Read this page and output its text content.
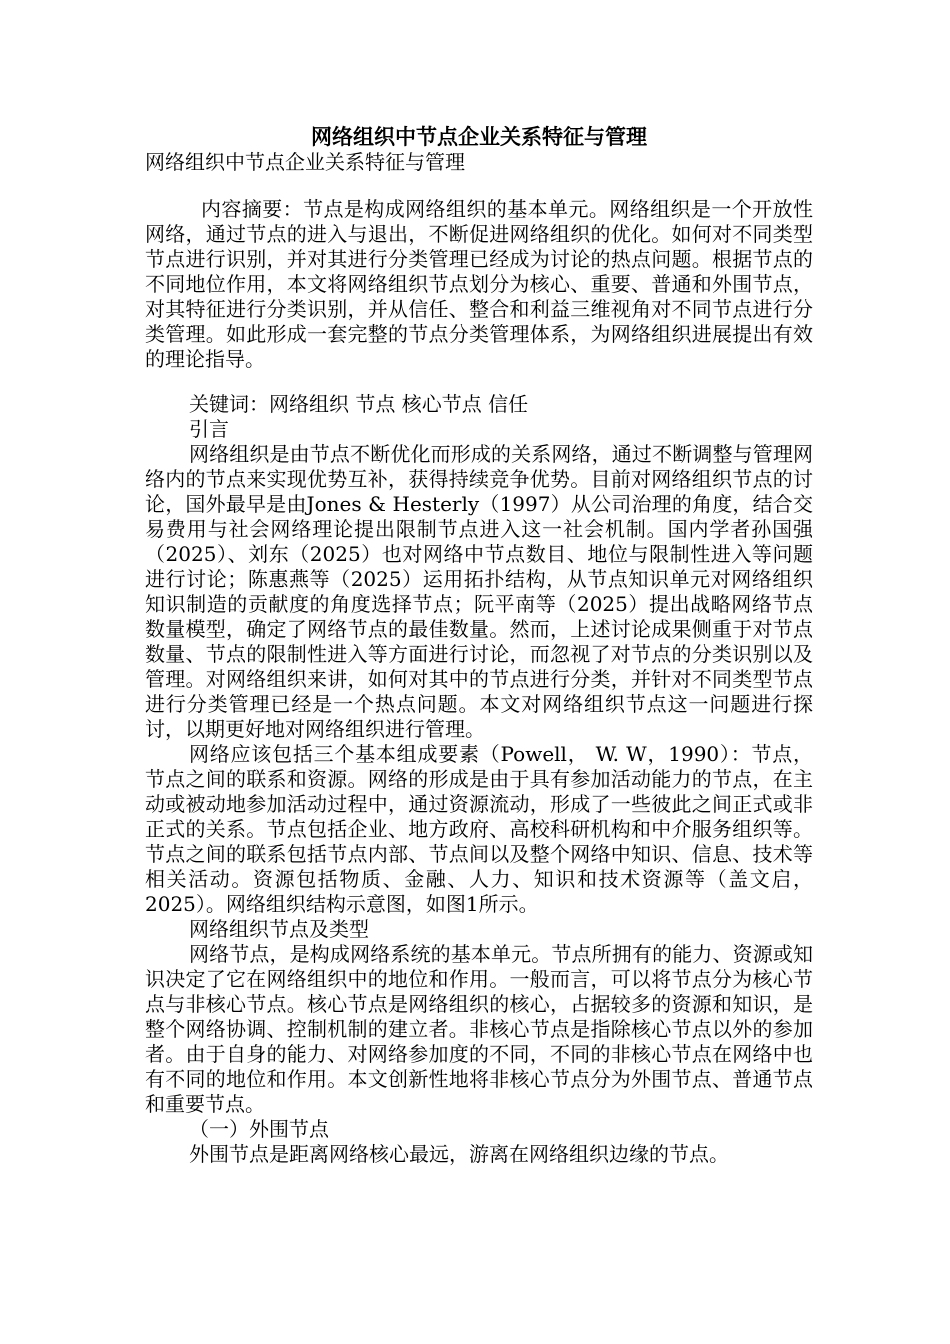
网络组织中节点企业关系特征与管理

网络组织中节点企业关系特征与管理

内容摘要：节点是构成网络组织的基本单元。网络组织是一个开放性网络，通过节点的进入与退出，不断促进网络组织的优化。如何对不同类型节点进行识别，并对其进行分类管理已经成为讨论的热点问题。根据节点的不同地位作用，本文将网络组织节点划分为核心、重要、普通和外围节点，对其特征进行分类识别，并从信任、整合和利益三维视角对不同节点进行分类管理。如此形成一套完整的节点分类管理体系，为网络组织进展提出有效的理论指导。

关键词：网络组织 节点 核心节点 信任

引言

网络组织是由节点不断优化而形成的关系网络，通过不断调整与管理网络内的节点来实现优势互补，获得持续竞争优势。目前对网络组织节点的讨论，国外最早是由Jones & Hesterly（1997）从公司治理的角度，结合交易费用与社会网络理论提出限制节点进入这一社会机制。国内学者孙国强（2025）、刘东（2025）也对网络中节点数目、地位与限制性进入等问题进行讨论；陈惠燕等（2025）运用拓扑结构，从节点知识单元对网络组织知识制造的贡献度的角度选择节点；阮平南等（2025）提出战略网络节点数量模型，确定了网络节点的最佳数量。然而，上述讨论成果侧重于对节点数量、节点的限制性进入等方面进行讨论，而忽视了对节点的分类识别以及管理。对网络组织来讲，如何对其中的节点进行分类，并针对不同类型节点进行分类管理已经是一个热点问题。本文对网络组织节点这一问题进行探讨，以期更好地对网络组织进行管理。

网络应该包括三个基本组成要素（Powell， W. W，1990）：节点，节点之间的联系和资源。网络的形成是由于具有参加活动能力的节点，在主动或被动地参加活动过程中，通过资源流动，形成了一些彼此之间正式或非正式的关系。节点包括企业、地方政府、高校科研机构和中介服务组织等。节点之间的联系包括节点内部、节点间以及整个网络中知识、信息、技术等相关活动。资源包括物质、金融、人力、知识和技术资源等（盖文启，2025）。网络组织结构示意图，如图1所示。

网络组织节点及类型

网络节点，是构成网络系统的基本单元。节点所拥有的能力、资源或知识决定了它在网络组织中的地位和作用。一般而言，可以将节点分为核心节点与非核心节点。核心节点是网络组织的核心，占据较多的资源和知识，是整个网络协调、控制机制的建立者。非核心节点是指除核心节点以外的参加者。由于自身的能力、对网络参加度的不同，不同的非核心节点在网络中也有不同的地位和作用。本文创新性地将非核心节点分为外围节点、普通节点和重要节点。

（一）外围节点

外围节点是距离网络核心最远，游离在网络组织边缘的节点。
